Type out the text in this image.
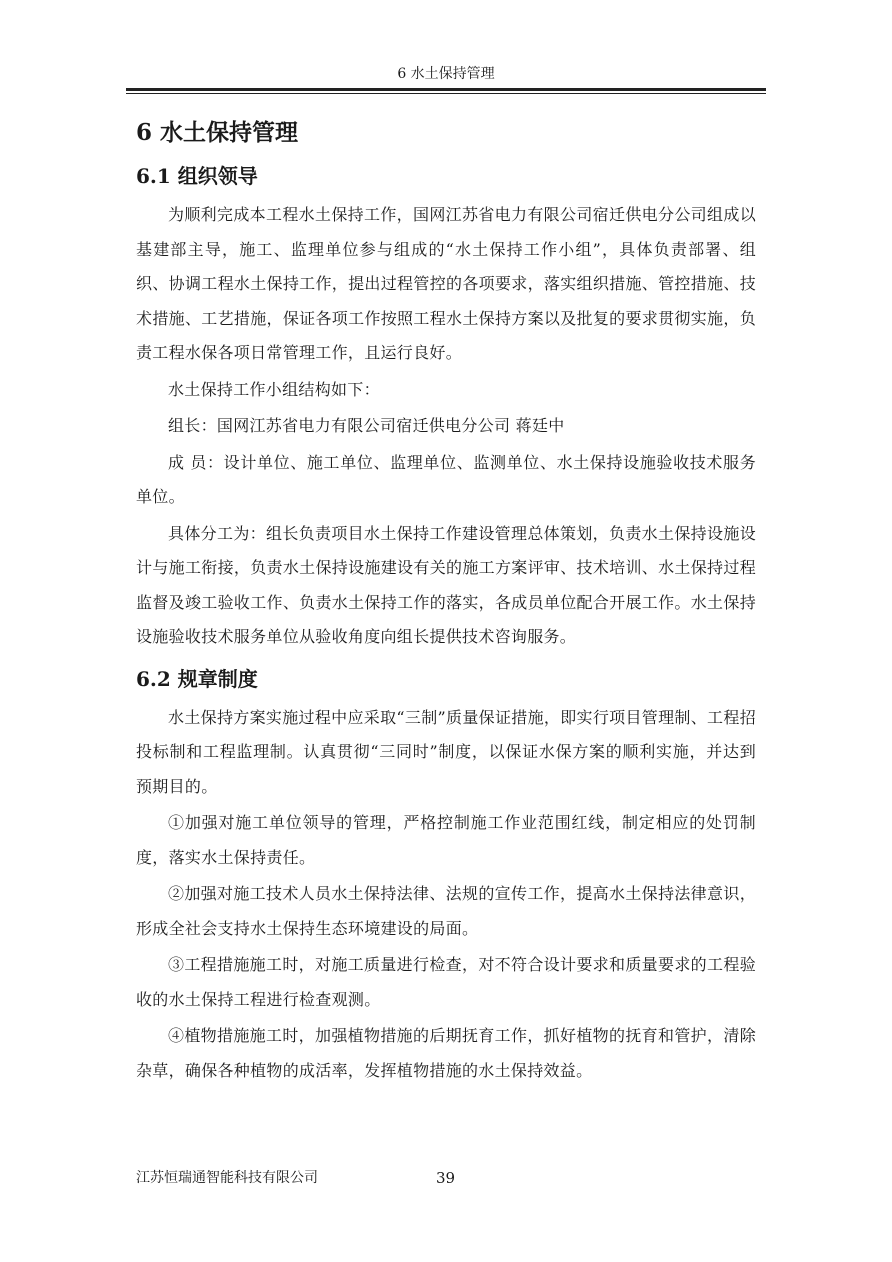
6 水土保持管理
6 水土保持管理
6.1 组织领导

为顺利完成本工程水土保持工作，国网江苏省电力有限公司宿迁供电分公司组成以基建部主导，施工、监理单位参与组成的“水土保持工作小组”，具体负责部署、组织、协调工程水土保持工作，提出过程管控的各项要求，落实组织措施、管控措施、技术措施、工艺措施，保证各项工作按照工程水土保持方案以及批复的要求贯彻实施，负责工程水保各项日常管理工作，且运行良好。

水土保持工作小组结构如下：

组长：国网江苏省电力有限公司宿迁供电分公司 蒋廷中

成 员：设计单位、施工单位、监理单位、监测单位、水土保持设施验收技术服务单位。

具体分工为：组长负责项目水土保持工作建设管理总体策划，负责水土保持设施设计与施工衔接，负责水土保持设施建设有关的施工方案评审、技术培训、水土保持过程监督及竣工验收工作、负责水土保持工作的落实，各成员单位配合开展工作。水土保持设施验收技术服务单位从验收角度向组长提供技术咨询服务。

6.2 规章制度

水土保持方案实施过程中应采取“三制”质量保证措施，即实行项目管理制、工程招投标制和工程监理制。认真贯彻“三同时”制度，以保证水保方案的顺利实施，并达到预期目的。

①加强对施工单位领导的管理，严格控制施工作业范围红线，制定相应的处罚制度，落实水土保持责任。

②加强对施工技术人员水土保持法律、法规的宣传工作，提高水土保持法律意识，形成全社会支持水土保持生态环境建设的局面。

③工程措施施工时，对施工质量进行检查，对不符合设计要求和质量要求的工程验收的水土保持工程进行检查观测。

④植物措施施工时，加强植物措施的后期抚育工作，抓好植物的抚育和管护，清除杂草，确保各种植物的成活率，发挥植物措施的水土保持效益。

江苏恒瑞通智能科技有限公司	39
